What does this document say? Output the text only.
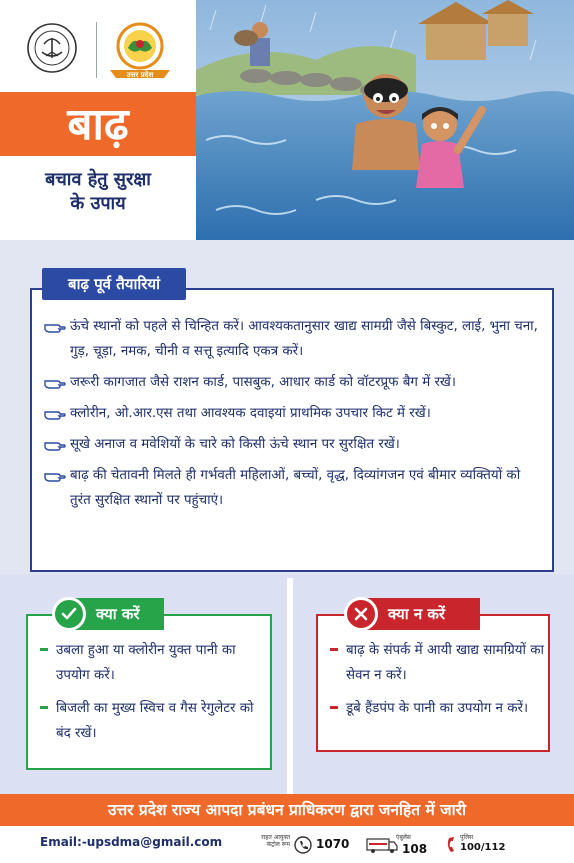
उत्तर प्रदेश
बाढ़
बचाव हेतु सुरक्षा
के उपाय
बाढ़ पूर्व तैयारियां
ऊंचे स्थानों को पहले से चिन्हित करें। आवश्यकतानुसार खाद्य सामग्री जैसे बिस्कुट, लाई, भुना चना, गुड़, चूड़ा, नमक, चीनी व सत्तू इत्यादि एकत्र करें।
जरूरी कागजात जैसे राशन कार्ड, पासबुक, आधार कार्ड को वॉटरप्रूफ बैग में रखें।
क्लोरीन, ओ.आर.एस तथा आवश्यक दवाइयां प्राथमिक उपचार किट में रखें।
सूखे अनाज व मवेशियों के चारे को किसी ऊंचे स्थान पर सुरक्षित रखें।
बाढ़ की चेतावनी मिलते ही गर्भवती महिलाओं, बच्चों, वृद्ध, दिव्यांगजन एवं बीमार व्यक्तियों को तुरंत सुरक्षित स्थानों पर पहुंचाएं।
क्या करें
उबला हुआ या क्लोरीन युक्त पानी का उपयोग करें।
बिजली का मुख्य स्विच व गैस रेगुलेटर को बंद रखें।
क्या न करें
बाढ़ के संपर्क में आयी खाद्य सामग्रियों का सेवन न करें।
डूबे हैंडपंप के पानी का उपयोग न करें।
उत्तर प्रदेश राज्य आपदा प्रबंधन प्राधिकरण द्वारा जनहित में जारी
Email:-upsdma@gmail.com	राहत आयुक्त कंट्रोल रूम 1070	एंबुलेंस
108
पुलिस
100/112
